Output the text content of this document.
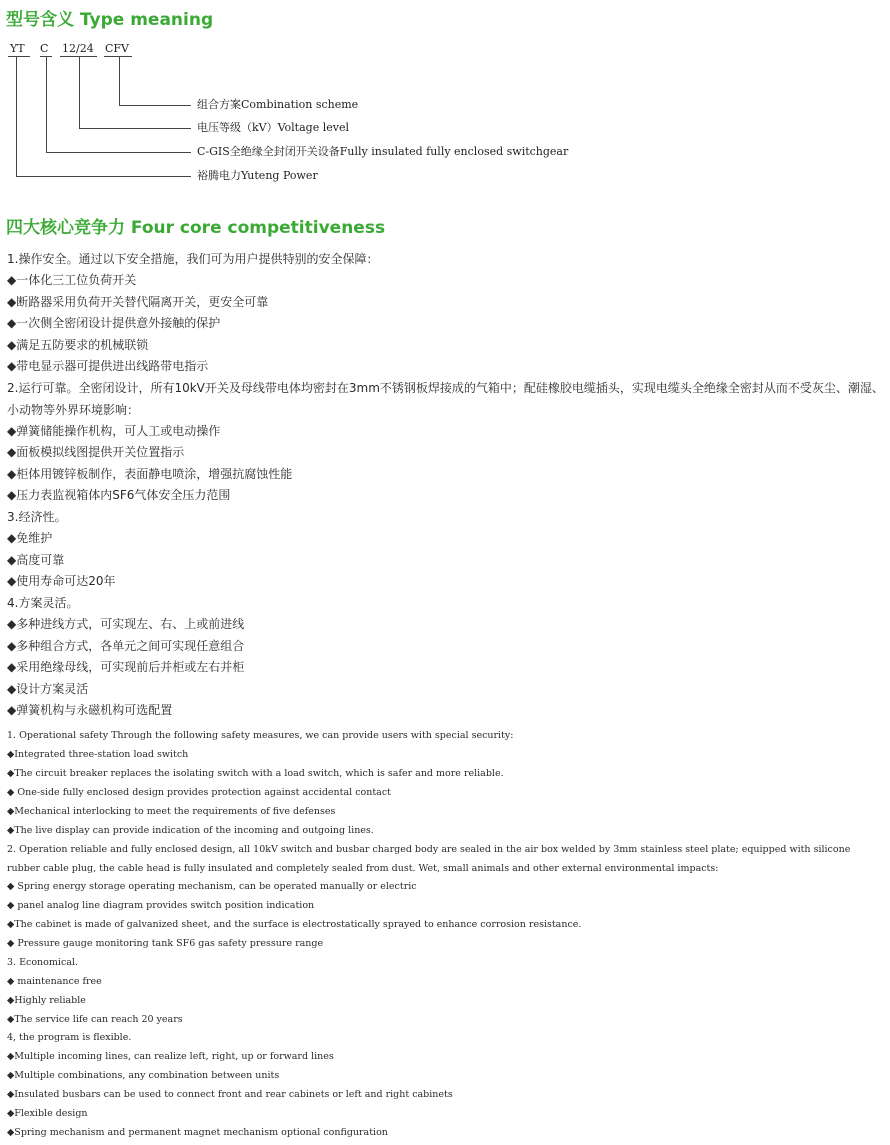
型号含义 Type meaning
YT C 12/24 CFV
组合方案Combination scheme
电压等级（kV）Voltage level
C-GIS全绝缘全封闭开关设备Fully insulated fully enclosed switchgear
裕腾电力Yuteng Power
四大核心竞争力 Four core competitiveness
1.操作安全。通过以下安全措施，我们可为用户提供特别的安全保障：
◆一体化三工位负荷开关
◆断路器采用负荷开关替代隔离开关，更安全可靠
◆一次侧全密闭设计提供意外接触的保护
◆满足五防要求的机械联锁
◆带电显示器可提供进出线路带电指示
2.运行可靠。全密闭设计，所有10kV开关及母线带电体均密封在3mm不锈钢板焊接成的气箱中；配硅橡胶电缆插头，实现电缆头全绝缘全密封从而不受灰尘、潮湿、小动物等外界环境影响：
◆弹簧储能操作机构，可人工或电动操作
◆面板模拟线图提供开关位置指示
◆柜体用镀锌板制作，表面静电喷涂，增强抗腐蚀性能
◆压力表监视箱体内SF6气体安全压力范围
3.经济性。
◆免维护
◆高度可靠
◆使用寿命可达20年
4.方案灵活。
◆多种进线方式，可实现左、右、上或前进线
◆多种组合方式，各单元之间可实现任意组合
◆采用绝缘母线，可实现前后并柜或左右并柜
◆设计方案灵活
◆弹簧机构与永磁机构可选配置
1. Operational safety Through the following safety measures, we can provide users with special security:
◆Integrated three-station load switch
◆The circuit breaker replaces the isolating switch with a load switch, which is safer and more reliable.
◆ One-side fully enclosed design provides protection against accidental contact
◆Mechanical interlocking to meet the requirements of five defenses
◆The live display can provide indication of the incoming and outgoing lines.
2. Operation reliable and fully enclosed design, all 10kV switch and busbar charged body are sealed in the air box welded by 3mm stainless steel plate; equipped with silicone rubber cable plug, the cable head is fully insulated and completely sealed from dust. Wet, small animals and other external environmental impacts:
◆ Spring energy storage operating mechanism, can be operated manually or electric
◆ panel analog line diagram provides switch position indication
◆The cabinet is made of galvanized sheet, and the surface is electrostatically sprayed to enhance corrosion resistance.
◆ Pressure gauge monitoring tank SF6 gas safety pressure range
3. Economical.
◆ maintenance free
◆Highly reliable
◆The service life can reach 20 years
4, the program is flexible.
◆Multiple incoming lines, can realize left, right, up or forward lines
◆Multiple combinations, any combination between units
◆Insulated busbars can be used to connect front and rear cabinets or left and right cabinets
◆Flexible design
◆Spring mechanism and permanent magnet mechanism optional configuration
